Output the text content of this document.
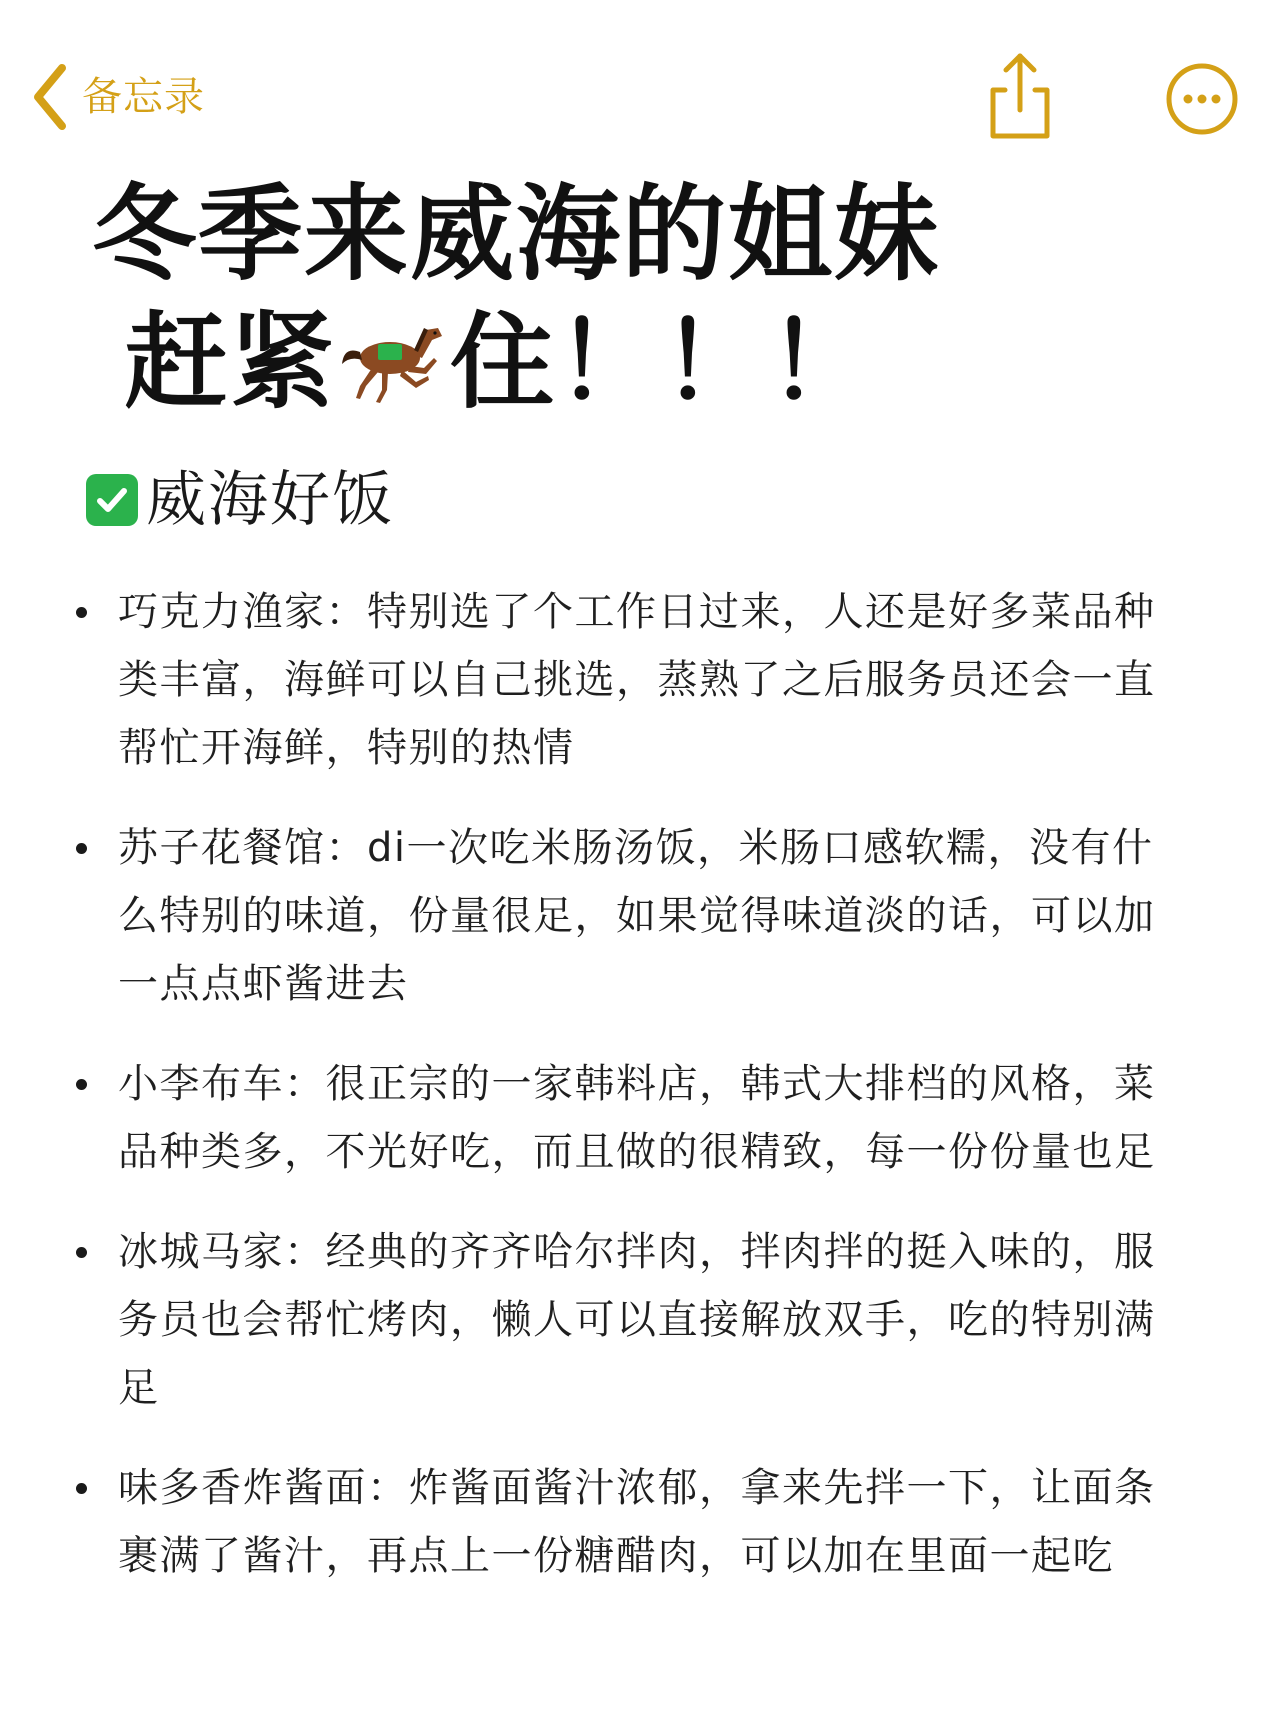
备忘录
冬季来威海的姐妹
赶紧 住！！！
威海好饭
巧克力渔家：特别选了个工作日过来，人还是好多菜品种类丰富，海鲜可以自己挑选，蒸熟了之后服务员还会一直帮忙开海鲜，特别的热情
苏子花餐馆：di一次吃米肠汤饭，米肠口感软糯，没有什么特别的味道，份量很足，如果觉得味道淡的话，可以加一点点虾酱进去
小李布车：很正宗的一家韩料店，韩式大排档的风格，菜品种类多，不光好吃，而且做的很精致，每一份份量也足
冰城马家：经典的齐齐哈尔拌肉，拌肉拌的挺入味的，服务员也会帮忙烤肉，懒人可以直接解放双手，吃的特别满足
味多香炸酱面：炸酱面酱汁浓郁，拿来先拌一下，让面条裹满了酱汁，再点上一份糖醋肉，可以加在里面一起吃
